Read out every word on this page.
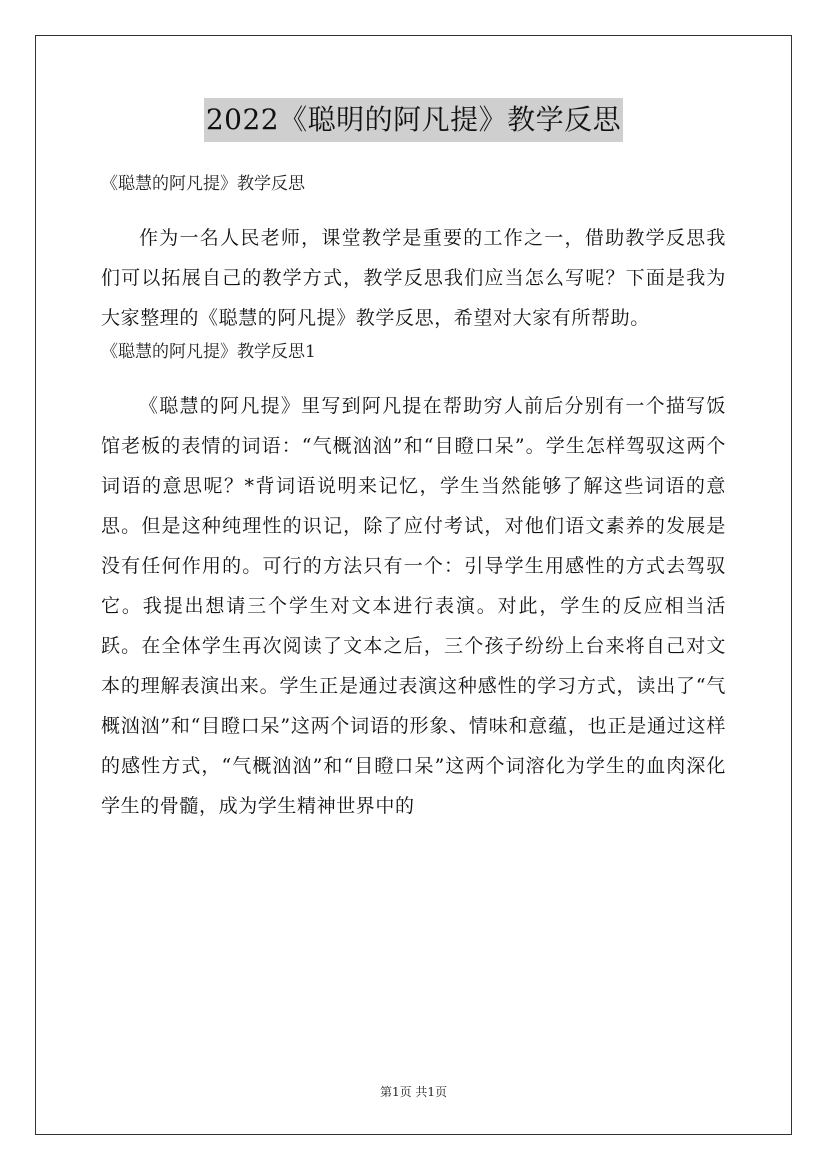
2022《聪明的阿凡提》教学反思

《聪慧的阿凡提》教学反思

作为一名人民老师，课堂教学是重要的工作之一，借助教学反思我们可以拓展自己的教学方式，教学反思我们应当怎么写呢？下面是我为大家整理的《聪慧的阿凡提》教学反思，希望对大家有所帮助。

《聪慧的阿凡提》教学反思1

《聪慧的阿凡提》里写到阿凡提在帮助穷人前后分别有一个描写饭馆老板的表情的词语：“气概汹汹”和“目瞪口呆”。学生怎样驾驭这两个词语的意思呢？*背词语说明来记忆，学生当然能够了解这些词语的意思。但是这种纯理性的识记，除了应付考试，对他们语文素养的发展是没有任何作用的。可行的方法只有一个：引导学生用感性的方式去驾驭它。我提出想请三个学生对文本进行表演。对此，学生的反应相当活跃。在全体学生再次阅读了文本之后，三个孩子纷纷上台来将自己对文本的理解表演出来。学生正是通过表演这种感性的学习方式，读出了“气概汹汹”和“目瞪口呆”这两个词语的形象、情味和意蕴，也正是通过这样的感性方式，“气概汹汹”和“目瞪口呆”这两个词溶化为学生的血肉深化学生的骨髓，成为学生精神世界中的

第1页 共1页
